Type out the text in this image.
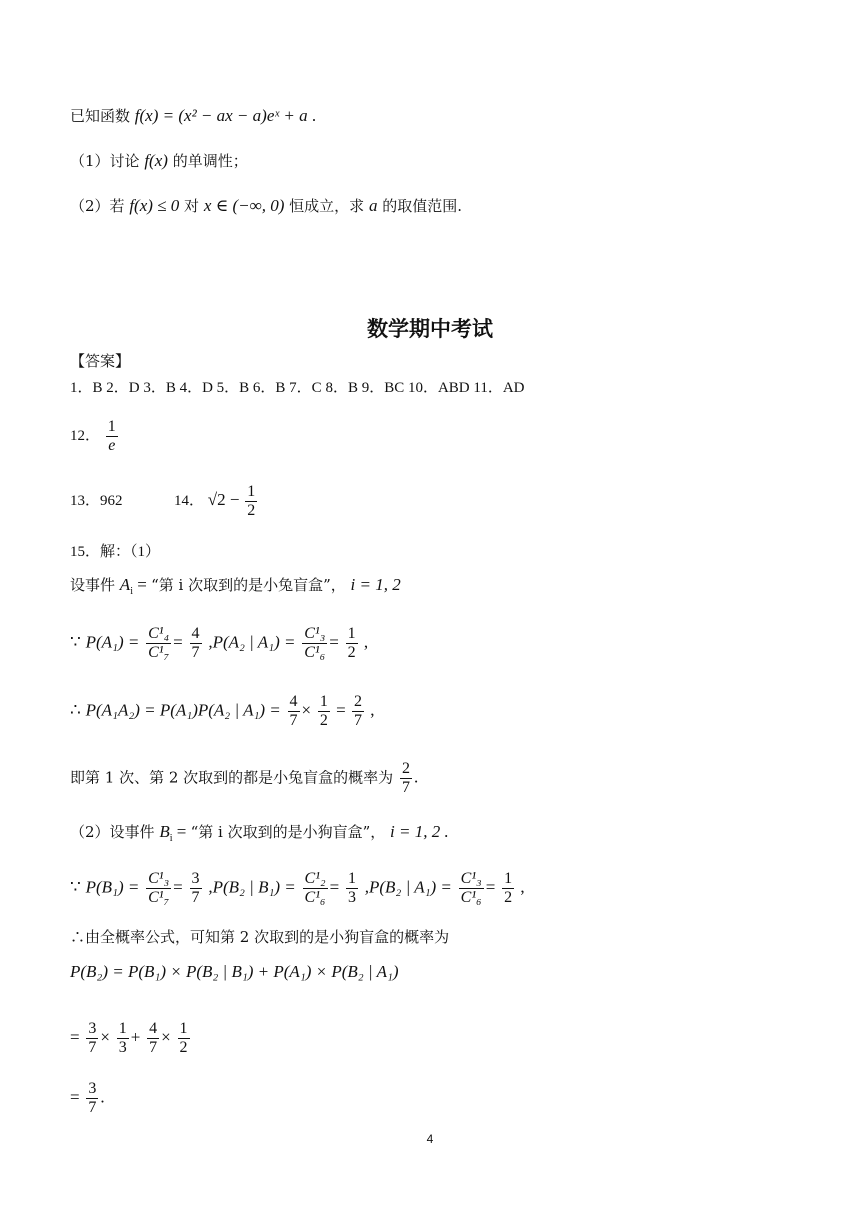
已知函数 f(x) = (x² − ax − a)eˣ + a .
（1）讨论 f(x) 的单调性；
（2）若 f(x) ≤ 0 对 x ∈ (−∞, 0) 恒成立，求 a 的取值范围.
数学期中考试
【答案】
1．B 2．D 3．B 4．D 5．B 6．B 7．C 8．B 9．BC 10．ABD 11．AD
12． $\frac{1}{e}$
13．962	14． $√2 - \frac{1}{2}$
15．解：（1）
设事件 $A_i$ = “第 i 次取到的是小兔盲盒”， i = 1, 2
∵ $P(A_1) = \frac{\text{C¹₄}}{\text{C¹₇}} = \frac{4}{7} ,P(A_2$ | $A_1) = \frac{\text{C¹₃}}{\text{C¹₆}} = \frac{1}{2}$ ,
∴ P(A₁A₂) = P(A₁)P(A₂ | $A_1) = \frac{4}{7} \times \frac{1}{2} = \frac{2}{7}$ ,
即第 1 次、第 2 次取到的都是小兔盲盒的概率为 $\frac{2}{7}$ .
（2）设事件 $B_i$ = “第 i 次取到的是小狗盲盒”， i = 1, 2 .
∵ $P(B_1) = \frac{\text{C¹₃}}{\text{C¹₇}} = \frac{3}{7} ,P(B_2$ | $B_1) = \frac{\text{C¹₂}}{\text{C¹₆}} = \frac{1}{3} ,P(B_2$ | $A_1) = \frac{\text{C¹₃}}{\text{C¹₆}} = \frac{1}{2}$ ,
∴由全概率公式，可知第 2 次取到的是小狗盲盒的概率为
P(B₂) = P(B₁) × P(B₂ | B₁) + P(A₁) × P(B₂ | A₁)
= $\frac{3}{7} \times \frac{1}{3} + \frac{4}{7} \times \frac{1}{2}$
= $\frac{3}{7}$ .
4
